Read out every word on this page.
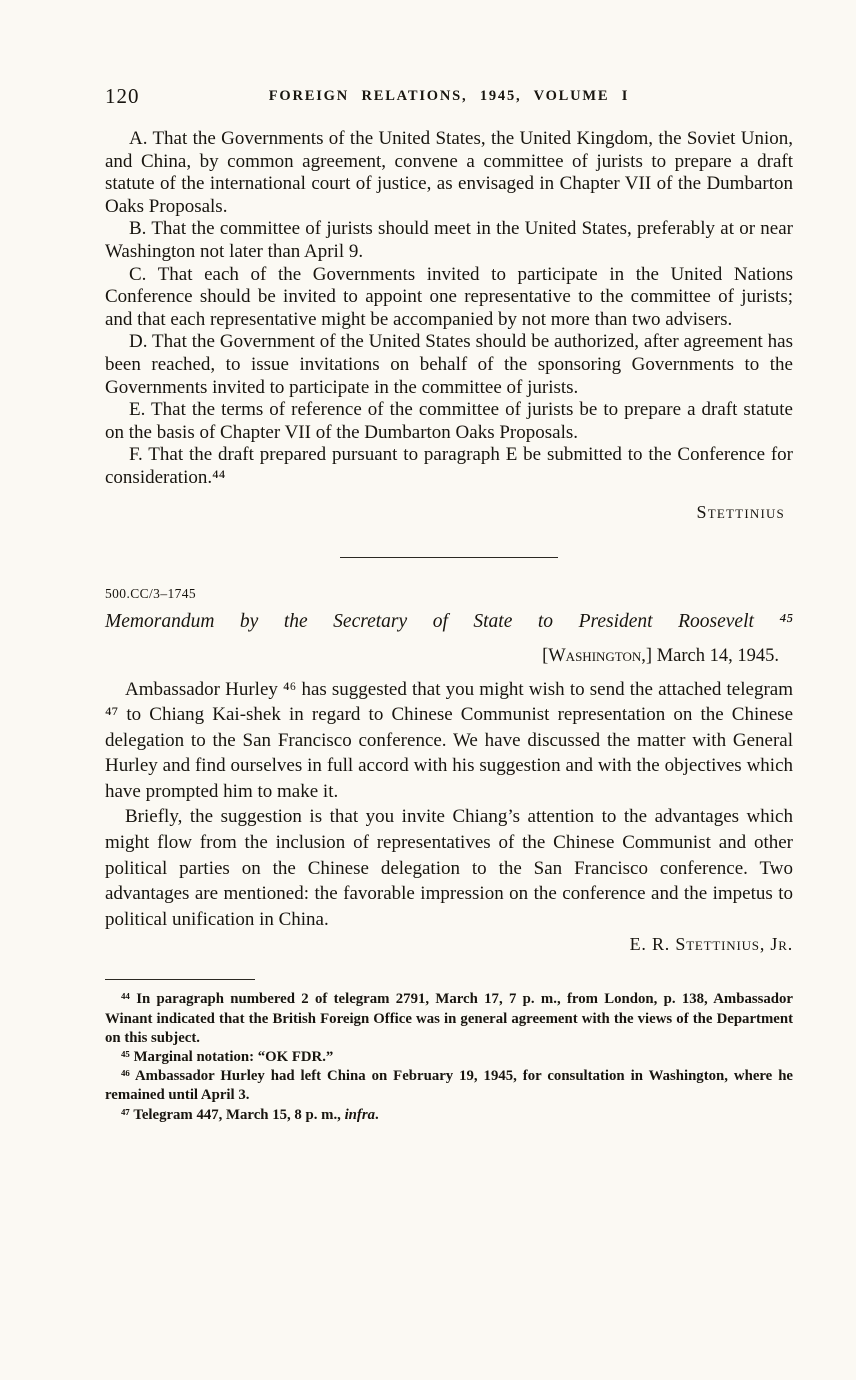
120	FOREIGN RELATIONS, 1945, VOLUME I

A. That the Governments of the United States, the United Kingdom, the Soviet Union, and China, by common agreement, convene a committee of jurists to prepare a draft statute of the international court of justice, as envisaged in Chapter VII of the Dumbarton Oaks Proposals.

B. That the committee of jurists should meet in the United States, preferably at or near Washington not later than April 9.

C. That each of the Governments invited to participate in the United Nations Conference should be invited to appoint one representative to the committee of jurists; and that each representative might be accompanied by not more than two advisers.

D. That the Government of the United States should be authorized, after agreement has been reached, to issue invitations on behalf of the sponsoring Governments to the Governments invited to participate in the committee of jurists.

E. That the terms of reference of the committee of jurists be to prepare a draft statute on the basis of Chapter VII of the Dumbarton Oaks Proposals.

F. That the draft prepared pursuant to paragraph E be submitted to the Conference for consideration.⁴⁴

Stettinius

500.CC/3–1745

Memorandum by the Secretary of State to President Roosevelt ⁴⁵

[Washington,] March 14, 1945.

Ambassador Hurley ⁴⁶ has suggested that you might wish to send the attached telegram ⁴⁷ to Chiang Kai-shek in regard to Chinese Communist representation on the Chinese delegation to the San Francisco conference. We have discussed the matter with General Hurley and find ourselves in full accord with his suggestion and with the objectives which have prompted him to make it.

Briefly, the suggestion is that you invite Chiang’s attention to the advantages which might flow from the inclusion of representatives of the Chinese Communist and other political parties on the Chinese delegation to the San Francisco conference. Two advantages are mentioned: the favorable impression on the conference and the impetus to political unification in China.

E. R. Stettinius, Jr.

⁴⁴ In paragraph numbered 2 of telegram 2791, March 17, 7 p. m., from London, p. 138, Ambassador Winant indicated that the British Foreign Office was in general agreement with the views of the Department on this subject.

⁴⁵ Marginal notation: “OK FDR.”

⁴⁶ Ambassador Hurley had left China on February 19, 1945, for consultation in Washington, where he remained until April 3.

⁴⁷ Telegram 447, March 15, 8 p. m., infra.
